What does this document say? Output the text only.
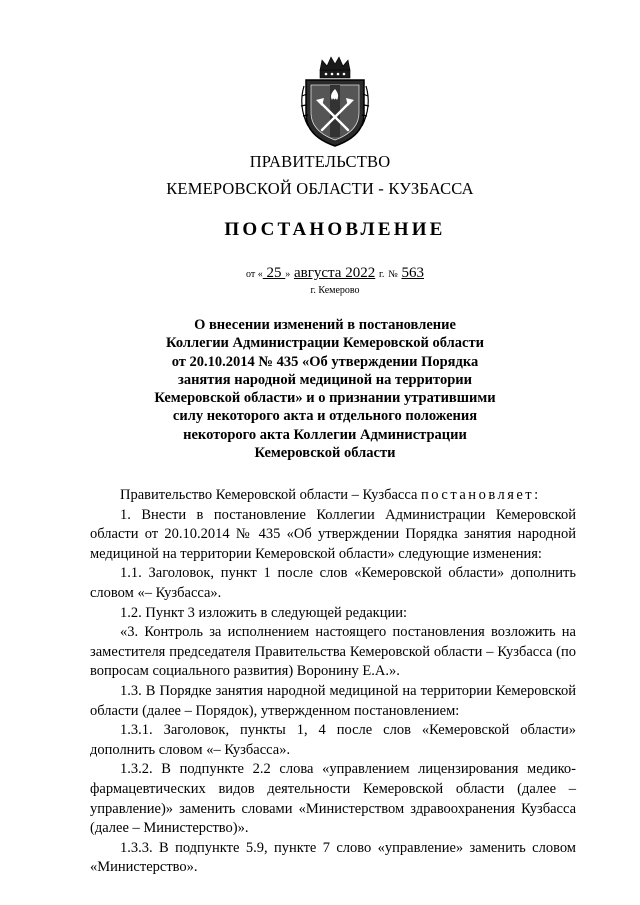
ПРАВИТЕЛЬСТВО
КЕМЕРОВСКОЙ ОБЛАСТИ - КУЗБАССА
ПОСТАНОВЛЕНИЕ
от « 25 » августа 2022 г. № 563
г. Кемерово
О внесении изменений в постановление
Коллегии Администрации Кемеровской области
от 20.10.2014 № 435 «Об утверждении Порядка
занятия народной медициной на территории
Кемеровской области» и о признании утратившими
силу некоторого акта и отдельного положения
некоторого акта Коллегии Администрации
Кемеровской области

Правительство Кемеровской области – Кузбасса постановляет:

1. Внести в постановление Коллегии Администрации Кемеровской области от 20.10.2014 № 435 «Об утверждении Порядка занятия народной медициной на территории Кемеровской области» следующие изменения:

1.1. Заголовок, пункт 1 после слов «Кемеровской области» дополнить словом «– Кузбасса».

1.2. Пункт 3 изложить в следующей редакции:

«3. Контроль за исполнением настоящего постановления возложить на заместителя председателя Правительства Кемеровской области – Кузбасса (по вопросам социального развития) Воронину Е.А.».

1.3. В Порядке занятия народной медициной на территории Кемеровской области (далее – Порядок), утвержденном постановлением:

1.3.1. Заголовок, пункты 1, 4 после слов «Кемеровской области» дополнить словом «– Кузбасса».

1.3.2. В подпункте 2.2 слова «управлением лицензирования медико-фармацевтических видов деятельности Кемеровской области (далее – управление)» заменить словами «Министерством здравоохранения Кузбасса (далее – Министерство)».

1.3.3. В подпункте 5.9, пункте 7 слово «управление» заменить словом «Министерство».
